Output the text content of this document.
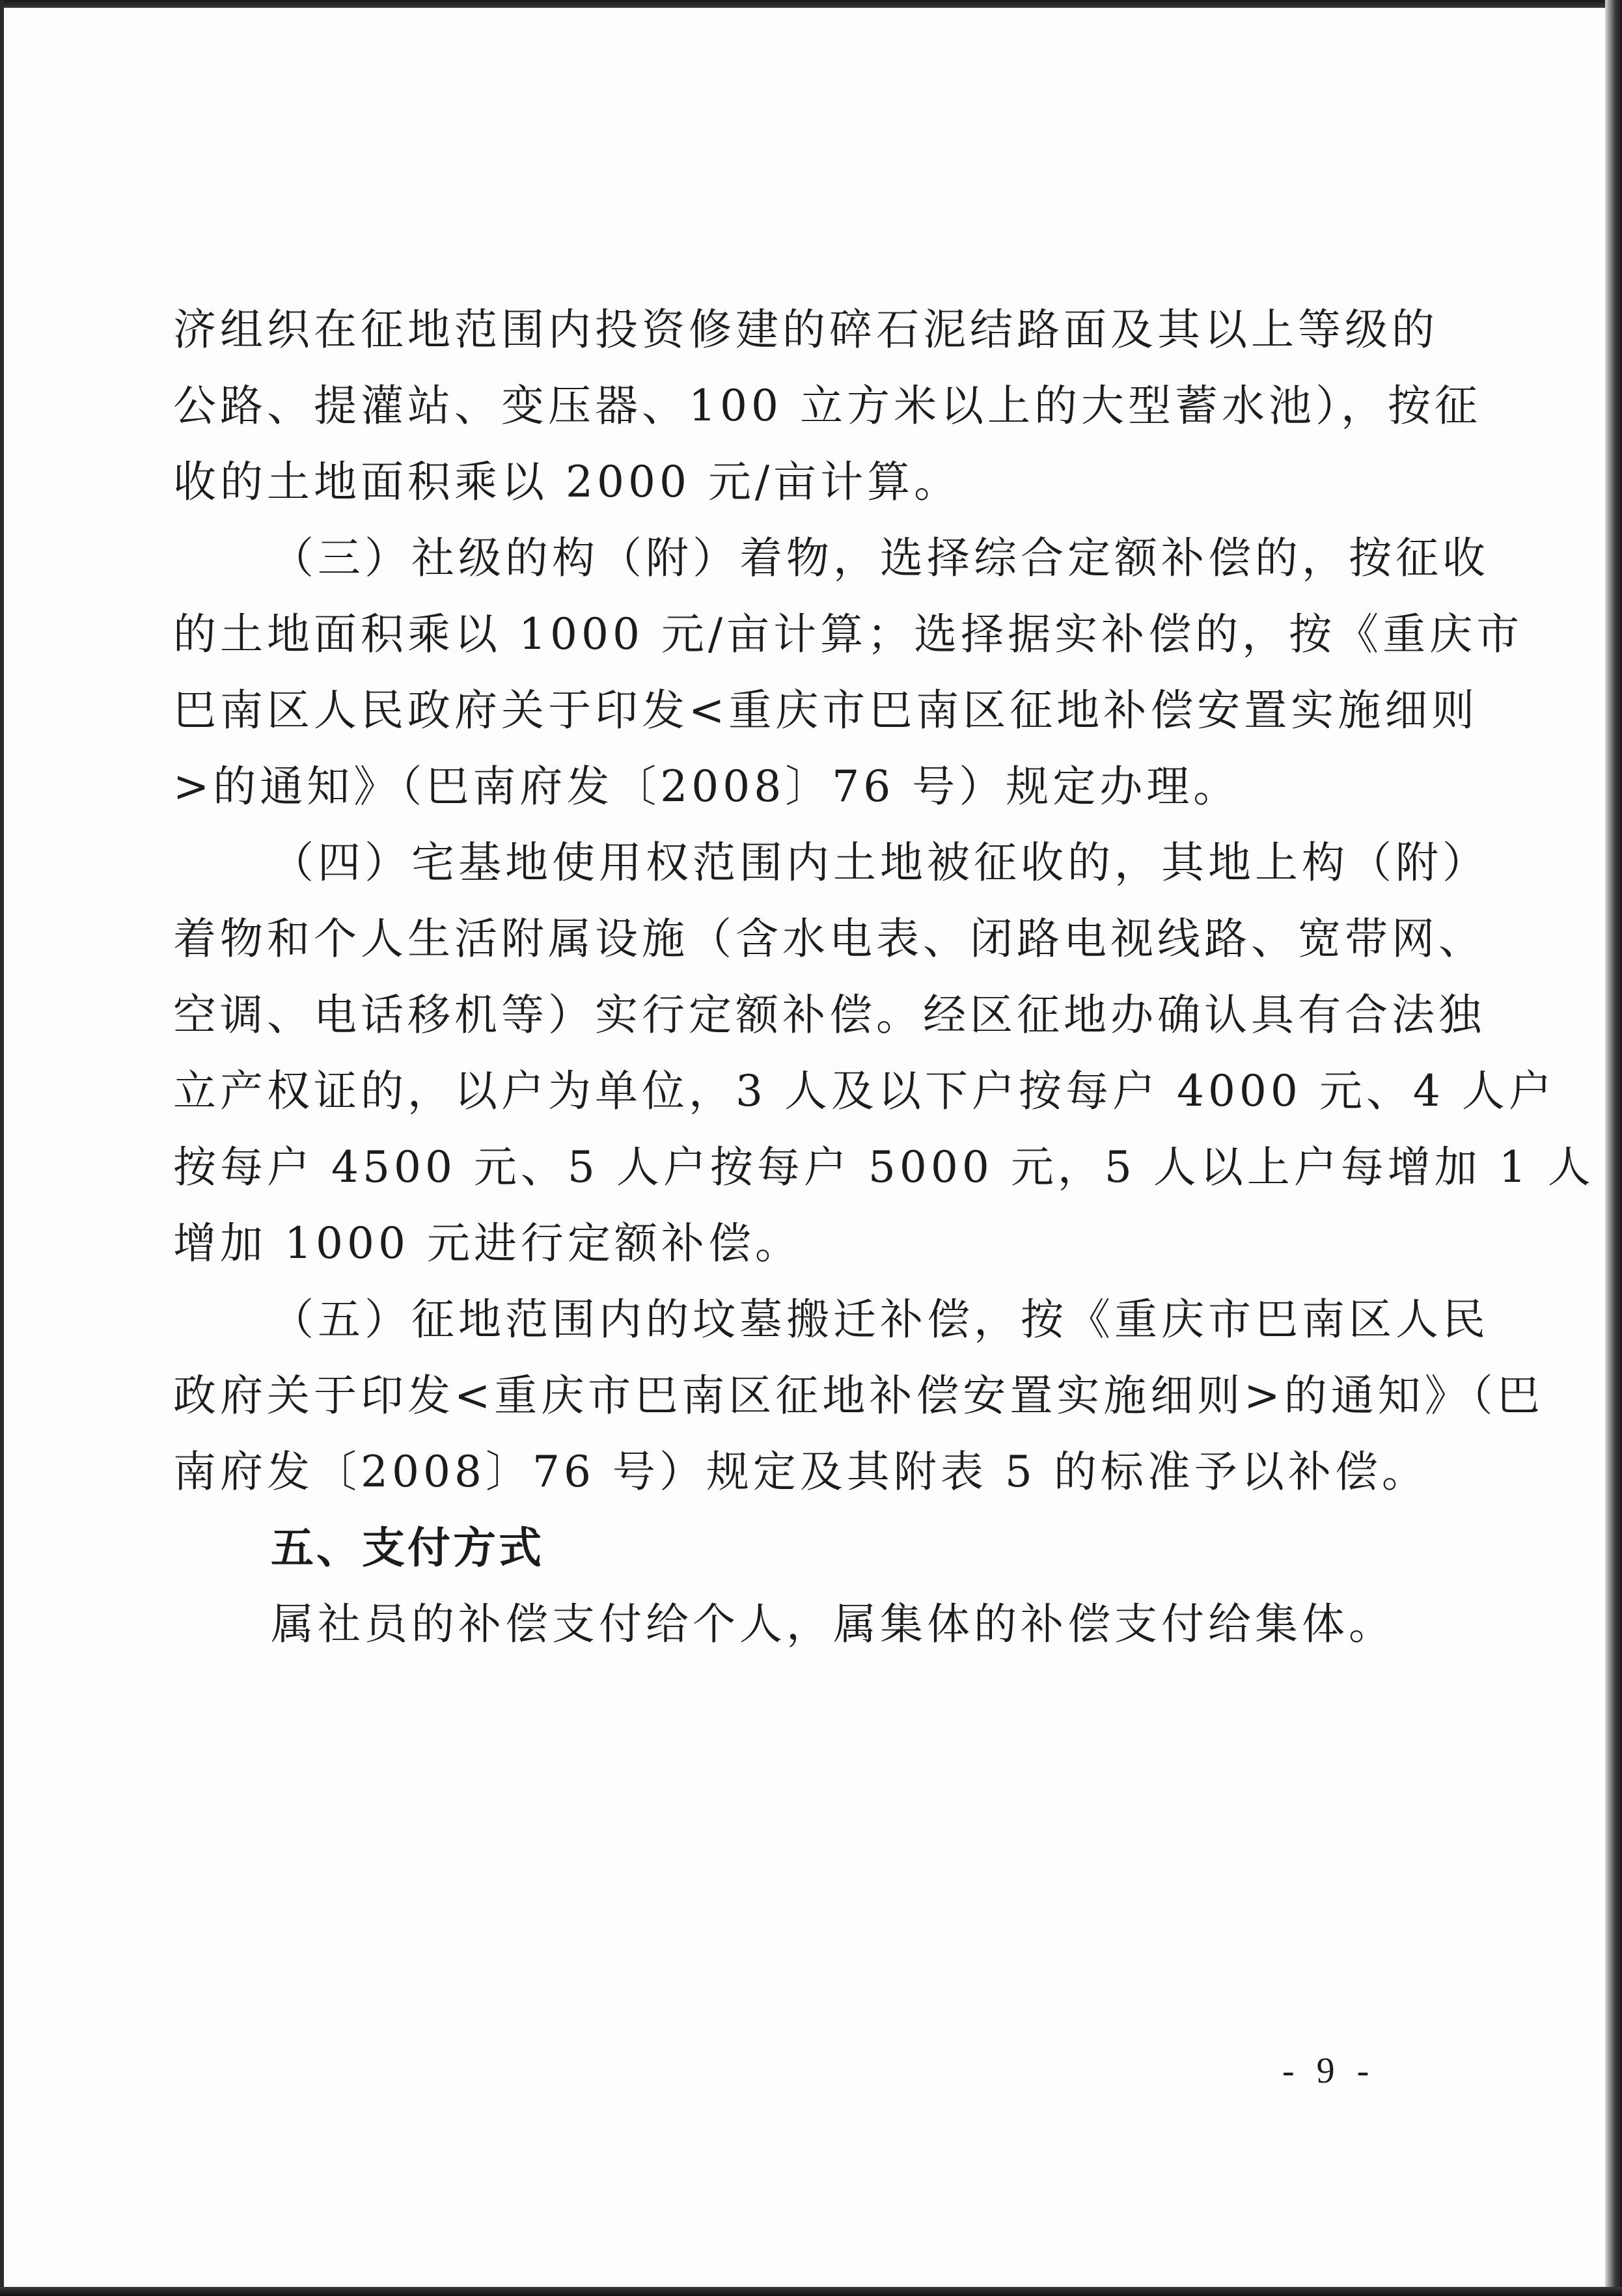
济组织在征地范围内投资修建的碎石泥结路面及其以上等级的

公路、提灌站、变压器、100 立方米以上的大型蓄水池），按征

收的土地面积乘以 2000 元/亩计算。

（三）社级的构（附）着物，选择综合定额补偿的，按征收

的土地面积乘以 1000 元/亩计算；选择据实补偿的，按《重庆市

巴南区人民政府关于印发<重庆市巴南区征地补偿安置实施细则

>的通知》（巴南府发〔2008〕76 号）规定办理。

（四）宅基地使用权范围内土地被征收的，其地上构（附）

着物和个人生活附属设施（含水电表、闭路电视线路、宽带网、

空调、电话移机等）实行定额补偿。经区征地办确认具有合法独

立产权证的，以户为单位，3 人及以下户按每户 4000 元、4 人户

按每户 4500 元、5 人户按每户 5000 元，5 人以上户每增加 1 人

增加 1000 元进行定额补偿。

（五）征地范围内的坟墓搬迁补偿，按《重庆市巴南区人民

政府关于印发<重庆市巴南区征地补偿安置实施细则>的通知》（巴

南府发〔2008〕76 号）规定及其附表 5 的标准予以补偿。

五、支付方式

属社员的补偿支付给个人，属集体的补偿支付给集体。

- 9 -
